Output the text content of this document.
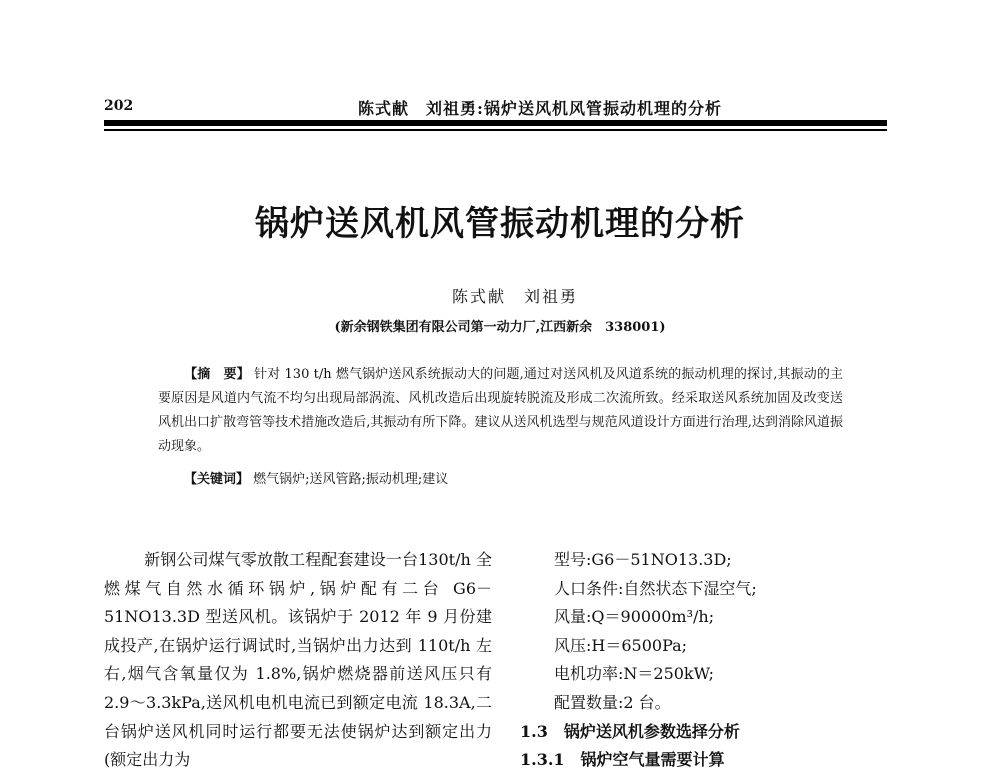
202	陈式献　刘祖勇:锅炉送风机风管振动机理的分析
锅炉送风机风管振动机理的分析
陈式献　刘祖勇
(新余钢铁集团有限公司第一动力厂,江西新余　338001)
【摘　要】 针对 130 t/h 燃气锅炉送风系统振动大的问题,通过对送风机及风道系统的振动机理的探讨,其振动的主要原因是风道内气流不均匀出现局部涡流、风机改造后出现旋转脱流及形成二次流所致。经采取送风系统加固及改变送风机出口扩散弯管等技术措施改造后,其振动有所下降。建议从送风机选型与规范风道设计方面进行治理,达到消除风道振动现象。
【关键词】 燃气锅炉;送风管路;振动机理;建议

新钢公司煤气零放散工程配套建设一台130t/h 全燃煤气自然水循环锅炉,锅炉配有二台 G6－51NO13.3D 型送风机。该锅炉于 2012 年 9 月份建成投产,在锅炉运行调试时,当锅炉出力达到 110t/h 左右,烟气含氧量仅为 1.8%,锅炉燃烧器前送风压只有 2.9～3.3kPa,送风机电机电流已到额定电流 18.3A,二台锅炉送风机同时运行都要无法使锅炉达到额定出力(额定出力为

型号:G6－51NO13.3D;
人口条件:自然状态下湿空气;
风量:Q＝90000m³/h;
风压:H＝6500Pa;
电机功率:N＝250kW;
配置数量:2 台。
1.3　锅炉送风机参数选择分析
1.3.1　锅炉空气量需要计算
